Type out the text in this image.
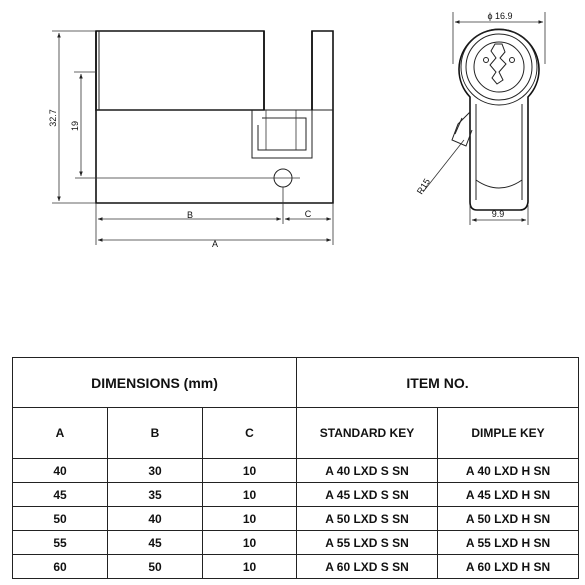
32.7 19
B	C
A
R15
ϕ 16.9
9.9
DIMENSIONS (mm)			ITEM NO.	
A	B	C	STANDARD KEY	DIMPLE KEY
40	30	10	A 40 LXD S SN	A 40 LXD H SN
45	35	10	A 45 LXD S SN	A 45 LXD H SN
50	40	10	A 50 LXD S SN	A 50 LXD H SN
55	45	10	A 55 LXD S SN	A 55 LXD H SN
60	50	10	A 60 LXD S SN	A 60 LXD H SN
